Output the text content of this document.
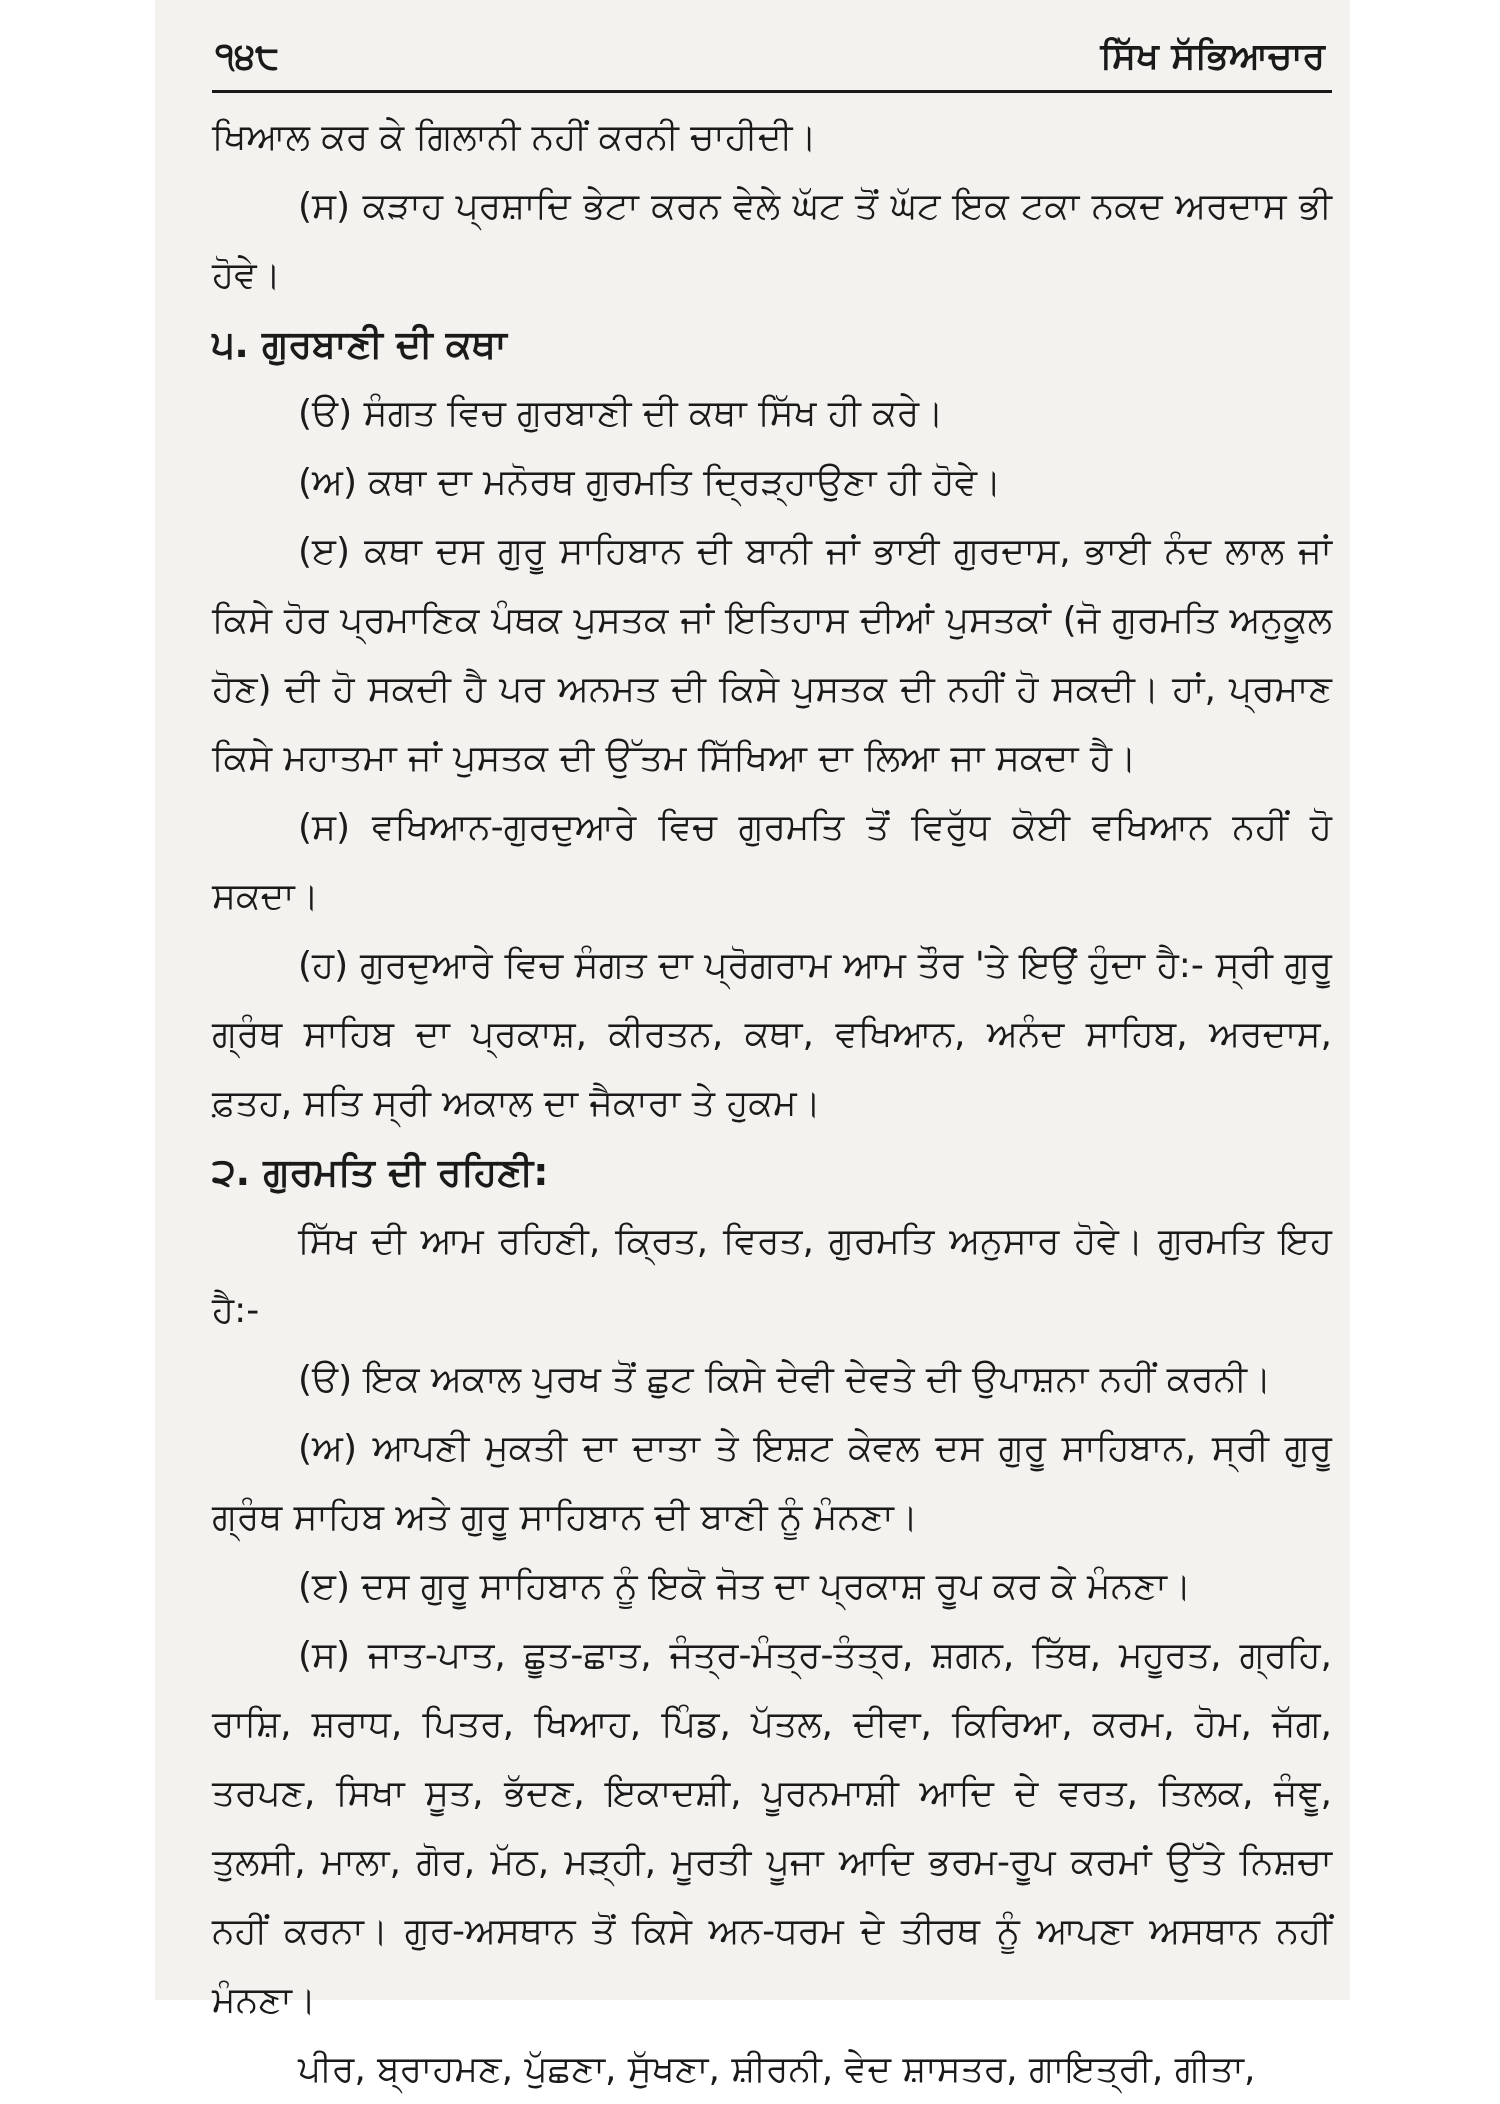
੧੪੮	ਸਿੱਖ ਸੱਭਿਆਚਾਰ

ਖਿਆਲ ਕਰ ਕੇ ਗਿਲਾਨੀ ਨਹੀਂ ਕਰਨੀ ਚਾਹੀਦੀ।

(ਸ) ਕੜਾਹ ਪ੍ਰਸ਼ਾਦਿ ਭੇਟਾ ਕਰਨ ਵੇਲੇ ਘੱਟ ਤੋਂ ਘੱਟ ਇਕ ਟਕਾ ਨਕਦ ਅਰਦਾਸ ਭੀ ਹੋਵੇ।

੫. ਗੁਰਬਾਣੀ ਦੀ ਕਥਾ

(ੳ) ਸੰਗਤ ਵਿਚ ਗੁਰਬਾਣੀ ਦੀ ਕਥਾ ਸਿੱਖ ਹੀ ਕਰੇ।

(ਅ) ਕਥਾ ਦਾ ਮਨੋਰਥ ਗੁਰਮਤਿ ਦ੍ਰਿੜ੍ਹਾਉਣਾ ਹੀ ਹੋਵੇ।

(ੲ) ਕਥਾ ਦਸ ਗੁਰੂ ਸਾਹਿਬਾਨ ਦੀ ਬਾਨੀ ਜਾਂ ਭਾਈ ਗੁਰਦਾਸ, ਭਾਈ ਨੰਦ ਲਾਲ ਜਾਂ ਕਿਸੇ ਹੋਰ ਪ੍ਰਮਾਣਿਕ ਪੰਥਕ ਪੁਸਤਕ ਜਾਂ ਇਤਿਹਾਸ ਦੀਆਂ ਪੁਸਤਕਾਂ (ਜੋ ਗੁਰਮਤਿ ਅਨੁਕੂਲ ਹੋਣ) ਦੀ ਹੋ ਸਕਦੀ ਹੈ ਪਰ ਅਨਮਤ ਦੀ ਕਿਸੇ ਪੁਸਤਕ ਦੀ ਨਹੀਂ ਹੋ ਸਕਦੀ। ਹਾਂ, ਪ੍ਰਮਾਣ ਕਿਸੇ ਮਹਾਤਮਾ ਜਾਂ ਪੁਸਤਕ ਦੀ ਉੱਤਮ ਸਿੱਖਿਆ ਦਾ ਲਿਆ ਜਾ ਸਕਦਾ ਹੈ।

(ਸ) ਵਖਿਆਨ-ਗੁਰਦੁਆਰੇ ਵਿਚ ਗੁਰਮਤਿ ਤੋਂ ਵਿਰੁੱਧ ਕੋਈ ਵਖਿਆਨ ਨਹੀਂ ਹੋ ਸਕਦਾ।

(ਹ) ਗੁਰਦੁਆਰੇ ਵਿਚ ਸੰਗਤ ਦਾ ਪ੍ਰੋਗਰਾਮ ਆਮ ਤੌਰ 'ਤੇ ਇਉਂ ਹੁੰਦਾ ਹੈ:- ਸ੍ਰੀ ਗੁਰੂ ਗ੍ਰੰਥ ਸਾਹਿਬ ਦਾ ਪ੍ਰਕਾਸ਼, ਕੀਰਤਨ, ਕਥਾ, ਵਖਿਆਨ, ਅਨੰਦ ਸਾਹਿਬ, ਅਰਦਾਸ, ਫ਼ਤਹ, ਸਤਿ ਸ੍ਰੀ ਅਕਾਲ ਦਾ ਜੈਕਾਰਾ ਤੇ ਹੁਕਮ।

੨. ਗੁਰਮਤਿ ਦੀ ਰਹਿਣੀ:

ਸਿੱਖ ਦੀ ਆਮ ਰਹਿਣੀ, ਕ੍ਰਿਤ, ਵਿਰਤ, ਗੁਰਮਤਿ ਅਨੁਸਾਰ ਹੋਵੇ। ਗੁਰਮਤਿ ਇਹ ਹੈ:-

(ੳ) ਇਕ ਅਕਾਲ ਪੁਰਖ ਤੋਂ ਛੁਟ ਕਿਸੇ ਦੇਵੀ ਦੇਵਤੇ ਦੀ ਉਪਾਸ਼ਨਾ ਨਹੀਂ ਕਰਨੀ।

(ਅ) ਆਪਣੀ ਮੁਕਤੀ ਦਾ ਦਾਤਾ ਤੇ ਇਸ਼ਟ ਕੇਵਲ ਦਸ ਗੁਰੂ ਸਾਹਿਬਾਨ, ਸ੍ਰੀ ਗੁਰੂ ਗ੍ਰੰਥ ਸਾਹਿਬ ਅਤੇ ਗੁਰੂ ਸਾਹਿਬਾਨ ਦੀ ਬਾਣੀ ਨੂੰ ਮੰਨਣਾ।

(ੲ) ਦਸ ਗੁਰੂ ਸਾਹਿਬਾਨ ਨੂੰ ਇਕੋ ਜੋਤ ਦਾ ਪ੍ਰਕਾਸ਼ ਰੂਪ ਕਰ ਕੇ ਮੰਨਣਾ।

(ਸ) ਜਾਤ-ਪਾਤ, ਛੂਤ-ਛਾਤ, ਜੰਤ੍ਰ-ਮੰਤ੍ਰ-ਤੰਤ੍ਰ, ਸ਼ਗਨ, ਤਿੱਥ, ਮਹੂਰਤ, ਗ੍ਰਹਿ, ਰਾਸ਼ਿ, ਸ਼ਰਾਧ, ਪਿਤਰ, ਖਿਆਹ, ਪਿੰਡ, ਪੱਤਲ, ਦੀਵਾ, ਕਿਰਿਆ, ਕਰਮ, ਹੋਮ, ਜੱਗ, ਤਰਪਣ, ਸਿਖਾ ਸੂਤ, ਭੱਦਣ, ਇਕਾਦਸ਼ੀ, ਪੂਰਨਮਾਸ਼ੀ ਆਦਿ ਦੇ ਵਰਤ, ਤਿਲਕ, ਜੰਞੂ, ਤੁਲਸੀ, ਮਾਲਾ, ਗੋਰ, ਮੱਠ, ਮੜ੍ਹੀ, ਮੂਰਤੀ ਪੂਜਾ ਆਦਿ ਭਰਮ-ਰੂਪ ਕਰਮਾਂ ਉੱਤੇ ਨਿਸ਼ਚਾ ਨਹੀਂ ਕਰਨਾ। ਗੁਰ-ਅਸਥਾਨ ਤੋਂ ਕਿਸੇ ਅਨ-ਧਰਮ ਦੇ ਤੀਰਥ ਨੂੰ ਆਪਣਾ ਅਸਥਾਨ ਨਹੀਂ ਮੰਨਣਾ।

ਪੀਰ, ਬ੍ਰਾਹਮਣ, ਪੁੱਛਣਾ, ਸੁੱਖਣਾ, ਸ਼ੀਰਨੀ, ਵੇਦ ਸ਼ਾਸਤਰ, ਗਾਇਤ੍ਰੀ, ਗੀਤਾ,
